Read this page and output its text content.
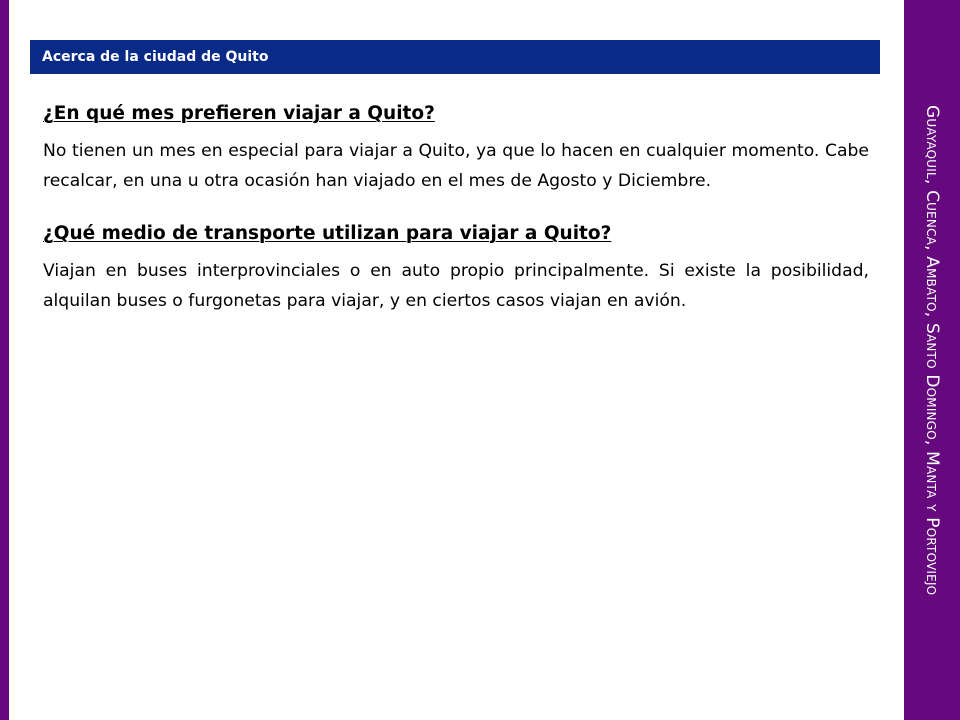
Acerca de la ciudad de Quito

¿En qué mes prefieren viajar a Quito?

No tienen un mes en especial para viajar a Quito, ya que lo hacen en cualquier momento. Cabe recalcar, en una u otra ocasión han viajado en el mes de Agosto y Diciembre.

¿Qué medio de transporte utilizan para viajar a Quito?

Viajan en buses interprovinciales o en auto propio principalmente. Si existe la posibilidad, alquilan buses o furgonetas para viajar, y en ciertos casos viajan en avión.	Guayaquil, Cuenca, Ambato, Santo Domingo, Manta y Portoviejo
